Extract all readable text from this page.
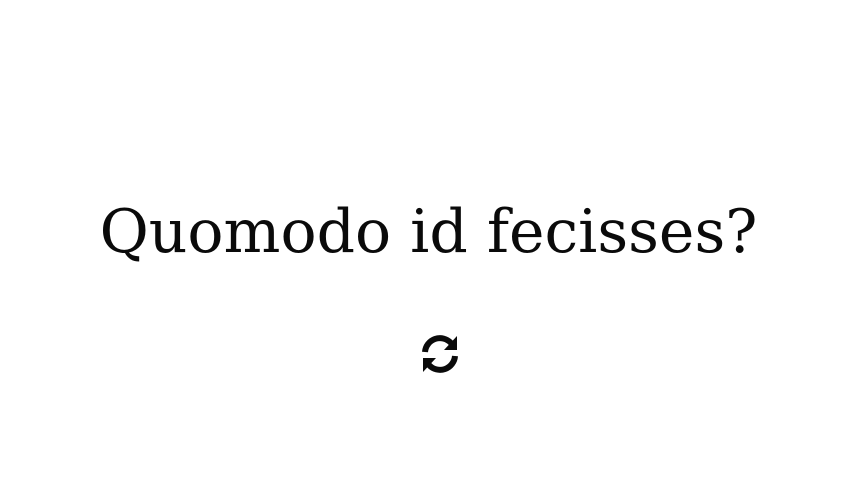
Quomodo id fecisses?
